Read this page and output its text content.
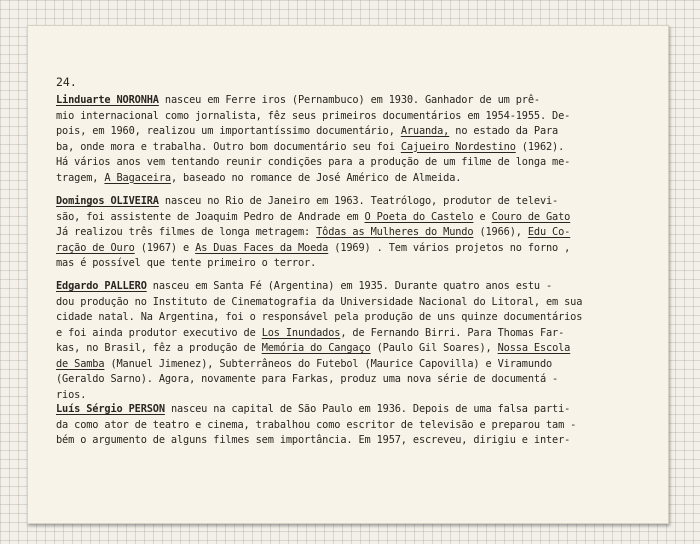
24.
Linduarte NORONHA nasceu em Ferre iros (Pernambuco) em 1930. Ganhador de um prê-
mio internacional como jornalista, fêz seus primeiros documentários em 1954-1955. De-
pois, em 1960, realizou um importantíssimo documentário, Aruanda, no estado da Para
ba, onde mora e trabalha. Outro bom documentário seu foi Cajueiro Nordestino (1962).
Há vários anos vem tentando reunir condições para a produção de um filme de longa me-
tragem, A Bagaceira, baseado no romance de José Américo de Almeida.
Domingos OLIVEIRA nasceu no Rio de Janeiro em 1963. Teatrólogo, produtor de televi-
são, foi assistente de Joaquim Pedro de Andrade em O Poeta do Castelo e Couro de Gato
Já realizou três filmes de longa metragem: Tôdas as Mulheres do Mundo (1966), Edu Co-
ração de Ouro (1967) e As Duas Faces da Moeda (1969) . Tem vários projetos no forno ,
mas é possível que tente primeiro o terror.
Edgardo PALLERO nasceu em Santa Fé (Argentina) em 1935. Durante quatro anos estu -
dou produção no Instituto de Cinematografia da Universidade Nacional do Litoral, em sua
cidade natal. Na Argentina, foi o responsável pela produção de uns quinze documentários
e foi ainda produtor executivo de Los Inundados, de Fernando Birri. Para Thomas Far-
kas, no Brasil, fêz a produção de Memória do Cangaço (Paulo Gil Soares), Nossa Escola
de Samba (Manuel Jimenez), Subterrâneos do Futebol (Maurice Capovilla) e Viramundo
(Geraldo Sarno). Agora, novamente para Farkas, produz uma nova série de documentá -
rios.
Luís Sérgio PERSON nasceu na capital de São Paulo em 1936. Depois de uma falsa parti-
da como ator de teatro e cinema, trabalhou como escritor de televisão e preparou tam -
bém o argumento de alguns filmes sem importância. Em 1957, escreveu, dirigiu e inter-
